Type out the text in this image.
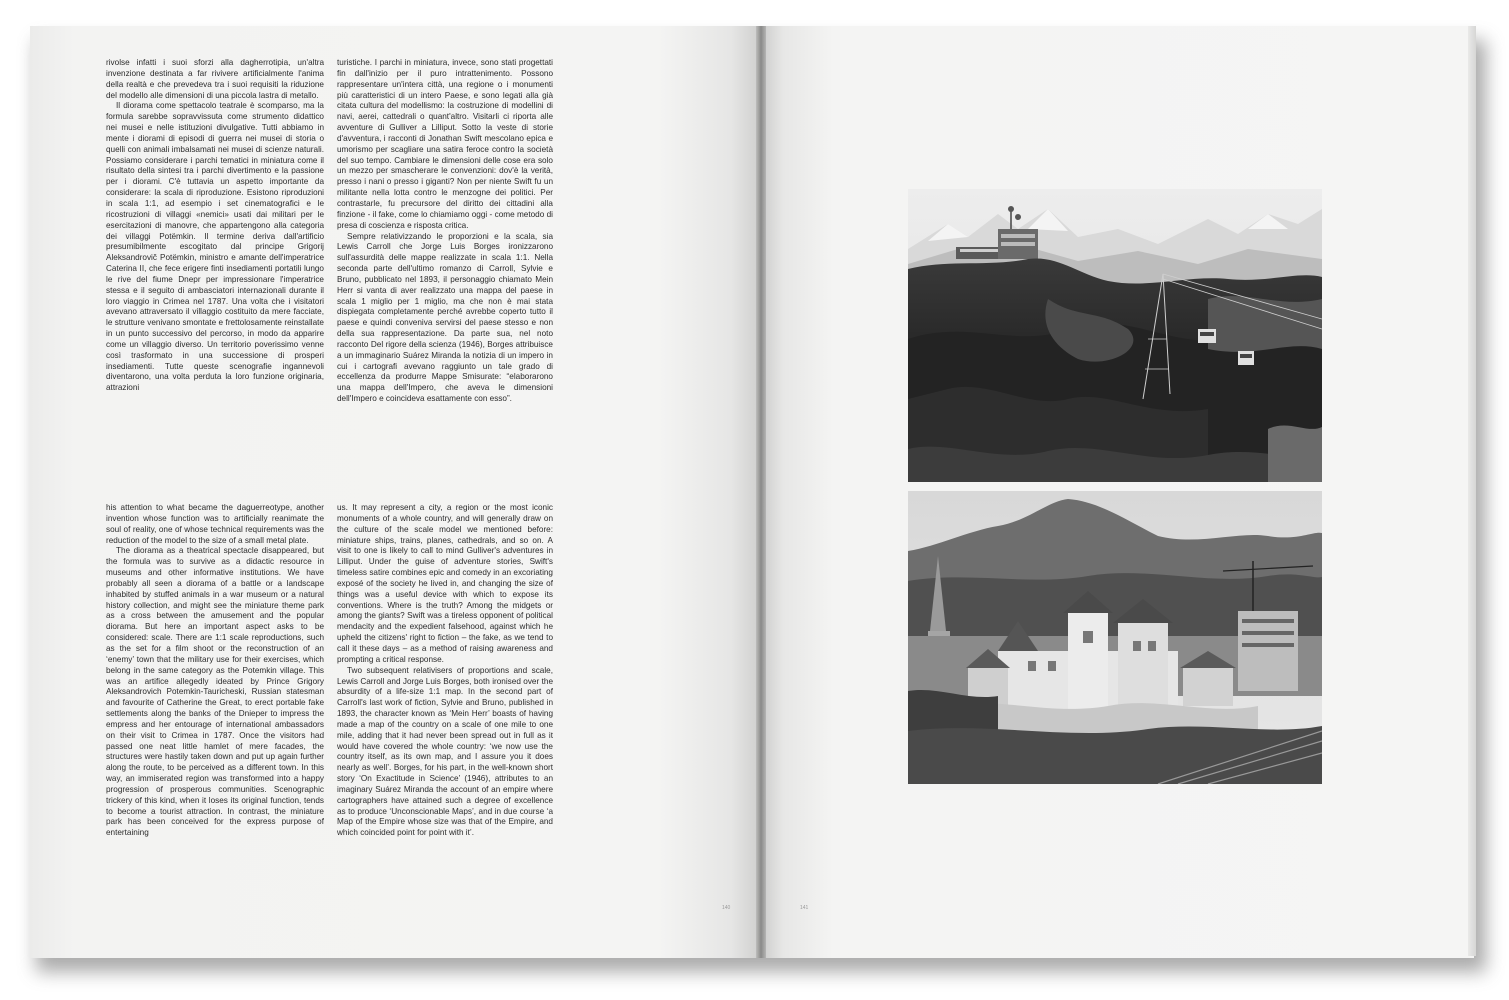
rivolse infatti i suoi sforzi alla dagherrotipia, un'altra invenzione destinata a far rivivere artificialmente l'anima della realtà e che prevedeva tra i suoi requisiti la riduzione del modello alle dimensioni di una piccola lastra di metallo.

Il diorama come spettacolo teatrale è scomparso, ma la formula sarebbe sopravvissuta come strumento didattico nei musei e nelle istituzioni divulgative. Tutti abbiamo in mente i diorami di episodi di guerra nei musei di storia o quelli con animali imbalsamati nei musei di scienze naturali. Possiamo considerare i parchi tematici in miniatura come il risultato della sintesi tra i parchi divertimento e la passione per i diorami. C'è tuttavia un aspetto importante da considerare: la scala di riproduzione. Esistono riproduzioni in scala 1:1, ad esempio i set cinematografici e le ricostruzioni di villaggi «nemici» usati dai militari per le esercitazioni di manovre, che appartengono alla categoria dei villaggi Potëmkin. Il termine deriva dall'artificio presumibilmente escogitato dal principe Grigorij Aleksandrovič Potëmkin, ministro e amante dell'imperatrice Caterina II, che fece erigere finti insediamenti portatili lungo le rive del fiume Dnepr per impressionare l'imperatrice stessa e il seguito di ambasciatori internazionali durante il loro viaggio in Crimea nel 1787. Una volta che i visitatori avevano attraversato il villaggio costituito da mere facciate, le strutture venivano smontate e frettolosamente reinstallate in un punto successivo del percorso, in modo da apparire come un villaggio diverso. Un territorio poverissimo venne così trasformato in una successione di prosperi insediamenti. Tutte queste scenografie ingannevoli diventarono, una volta perduta la loro funzione originaria, attrazioni

turistiche. I parchi in miniatura, invece, sono stati progettati fin dall'inizio per il puro intrattenimento. Possono rappresentare un'intera città, una regione o i monumenti più caratteristici di un intero Paese, e sono legati alla già citata cultura del modellismo: la costruzione di modellini di navi, aerei, cattedrali o quant'altro. Visitarli ci riporta alle avventure di Gulliver a Lilliput. Sotto la veste di storie d'avventura, i racconti di Jonathan Swift mescolano epica e umorismo per scagliare una satira feroce contro la società del suo tempo. Cambiare le dimensioni delle cose era solo un mezzo per smascherare le convenzioni: dov'è la verità, presso i nani o presso i giganti? Non per niente Swift fu un militante nella lotta contro le menzogne dei politici. Per contrastarle, fu precursore del diritto dei cittadini alla finzione - il fake, come lo chiamiamo oggi - come metodo di presa di coscienza e risposta critica.

Sempre relativizzando le proporzioni e la scala, sia Lewis Carroll che Jorge Luis Borges ironizzarono sull'assurdità delle mappe realizzate in scala 1:1. Nella seconda parte dell'ultimo romanzo di Carroll, Sylvie e Bruno, pubblicato nel 1893, il personaggio chiamato Mein Herr si vanta di aver realizzato una mappa del paese in scala 1 miglio per 1 miglio, ma che non è mai stata dispiegata completamente perché avrebbe coperto tutto il paese e quindi conveniva servirsi del paese stesso e non della sua rappresentazione. Da parte sua, nel noto racconto Del rigore della scienza (1946), Borges attribuisce a un immaginario Suárez Miranda la notizia di un impero in cui i cartografi avevano raggiunto un tale grado di eccellenza da produrre Mappe Smisurate: “elaborarono una mappa dell'Impero, che aveva le dimensioni dell'Impero e coincideva esattamente con esso”.

his attention to what became the daguerreotype, another invention whose function was to artificially reanimate the soul of reality, one of whose technical requirements was the reduction of the model to the size of a small metal plate.

The diorama as a theatrical spectacle disappeared, but the formula was to survive as a didactic resource in museums and other informative institutions. We have probably all seen a diorama of a battle or a landscape inhabited by stuffed animals in a war museum or a natural history collection, and might see the miniature theme park as a cross between the amusement and the popular diorama. But here an important aspect asks to be considered: scale. There are 1:1 scale reproductions, such as the set for a film shoot or the reconstruction of an ‘enemy’ town that the military use for their exercises, which belong in the same category as the Potemkin village. This was an artifice allegedly ideated by Prince Grigory Aleksandrovich Potemkin-Tauricheski, Russian statesman and favourite of Catherine the Great, to erect portable fake settlements along the banks of the Dnieper to impress the empress and her entourage of international ambassadors on their visit to Crimea in 1787. Once the visitors had passed one neat little hamlet of mere facades, the structures were hastily taken down and put up again further along the route, to be perceived as a different town. In this way, an immiserated region was transformed into a happy progression of prosperous communities. Scenographic trickery of this kind, when it loses its original function, tends to become a tourist attraction. In contrast, the miniature park has been conceived for the express purpose of entertaining

us. It may represent a city, a region or the most iconic monuments of a whole country, and will generally draw on the culture of the scale model we mentioned before: miniature ships, trains, planes, cathedrals, and so on. A visit to one is likely to call to mind Gulliver's adventures in Lilliput. Under the guise of adventure stories, Swift's timeless satire combines epic and comedy in an excoriating exposé of the society he lived in, and changing the size of things was a useful device with which to expose its conventions. Where is the truth? Among the midgets or among the giants? Swift was a tireless opponent of political mendacity and the expedient falsehood, against which he upheld the citizens' right to fiction – the fake, as we tend to call it these days – as a method of raising awareness and prompting a critical response.

Two subsequent relativisers of proportions and scale, Lewis Carroll and Jorge Luis Borges, both ironised over the absurdity of a life-size 1:1 map. In the second part of Carroll's last work of fiction, Sylvie and Bruno, published in 1893, the character known as ‘Mein Herr’ boasts of having made a map of the country on a scale of one mile to one mile, adding that it had never been spread out in full as it would have covered the whole country: ‘we now use the country itself, as its own map, and I assure you it does nearly as well’. Borges, for his part, in the well-known short story ‘On Exactitude in Science’ (1946), attributes to an imaginary Suárez Miranda the account of an empire where cartographers have attained such a degree of excellence as to produce ‘Unconscionable Maps’, and in due course ‘a Map of the Empire whose size was that of the Empire, and which coincided point for point with it’.

140	141
